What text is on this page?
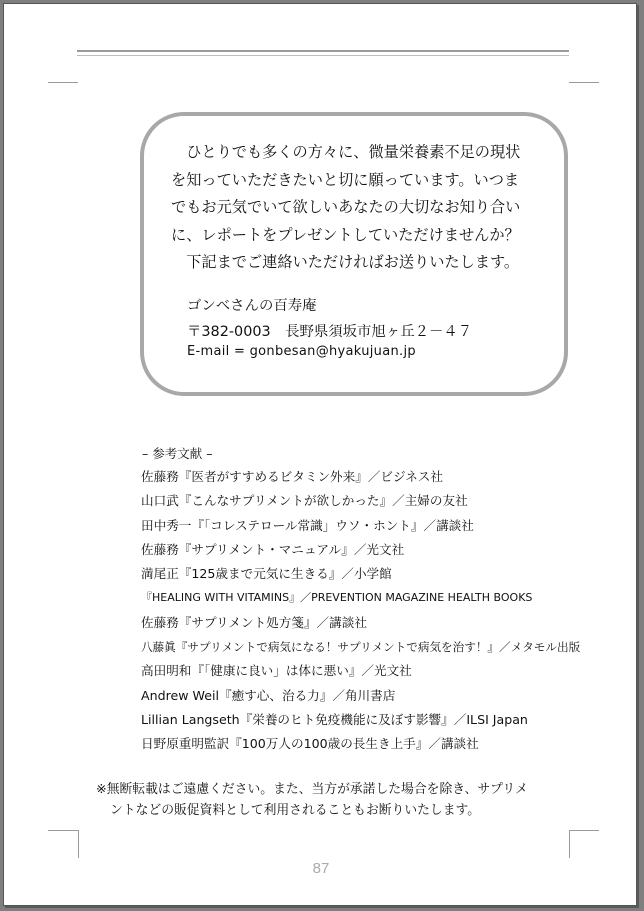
　ひとりでも多くの方々に、微量栄養素不足の現状
を知っていただきたいと切に願っています。いつま
でもお元気でいて欲しいあなたの大切なお知り合い
に、レポートをプレゼントしていただけませんか？
　下記までご連絡いただければお送りいたします。
ゴンベさんの百寿庵
〒382-0003　長野県須坂市旭ヶ丘２－４７
E-mail = gonbesan@hyakujuan.jp
– 参考文献 –
佐藤務『医者がすすめるビタミン外来』／ビジネス社
山口武『こんなサプリメントが欲しかった』／主婦の友社
田中秀一『「コレステロール常識」ウソ・ホント』／講談社
佐藤務『サプリメント・マニュアル』／光文社
満尾正『125歳まで元気に生きる』／小学館
『HEALING WITH VITAMINS』／PREVENTION MAGAZINE HEALTH BOOKS
佐藤務『サプリメント処方箋』／講談社
八藤眞『サプリメントで病気になる！サプリメントで病気を治す！』／メタモル出版
高田明和『「健康に良い」は体に悪い』／光文社
Andrew Weil『癒す心、治る力』／角川書店
Lillian Langseth『栄養のヒト免疫機能に及ぼす影響』／ILSI Japan
日野原重明監訳『100万人の100歳の長生き上手』／講談社
※無断転載はご遠慮ください。また、当方が承諾した場合を除き、サプリメ
ントなどの販促資料として利用されることもお断りいたします。
87
